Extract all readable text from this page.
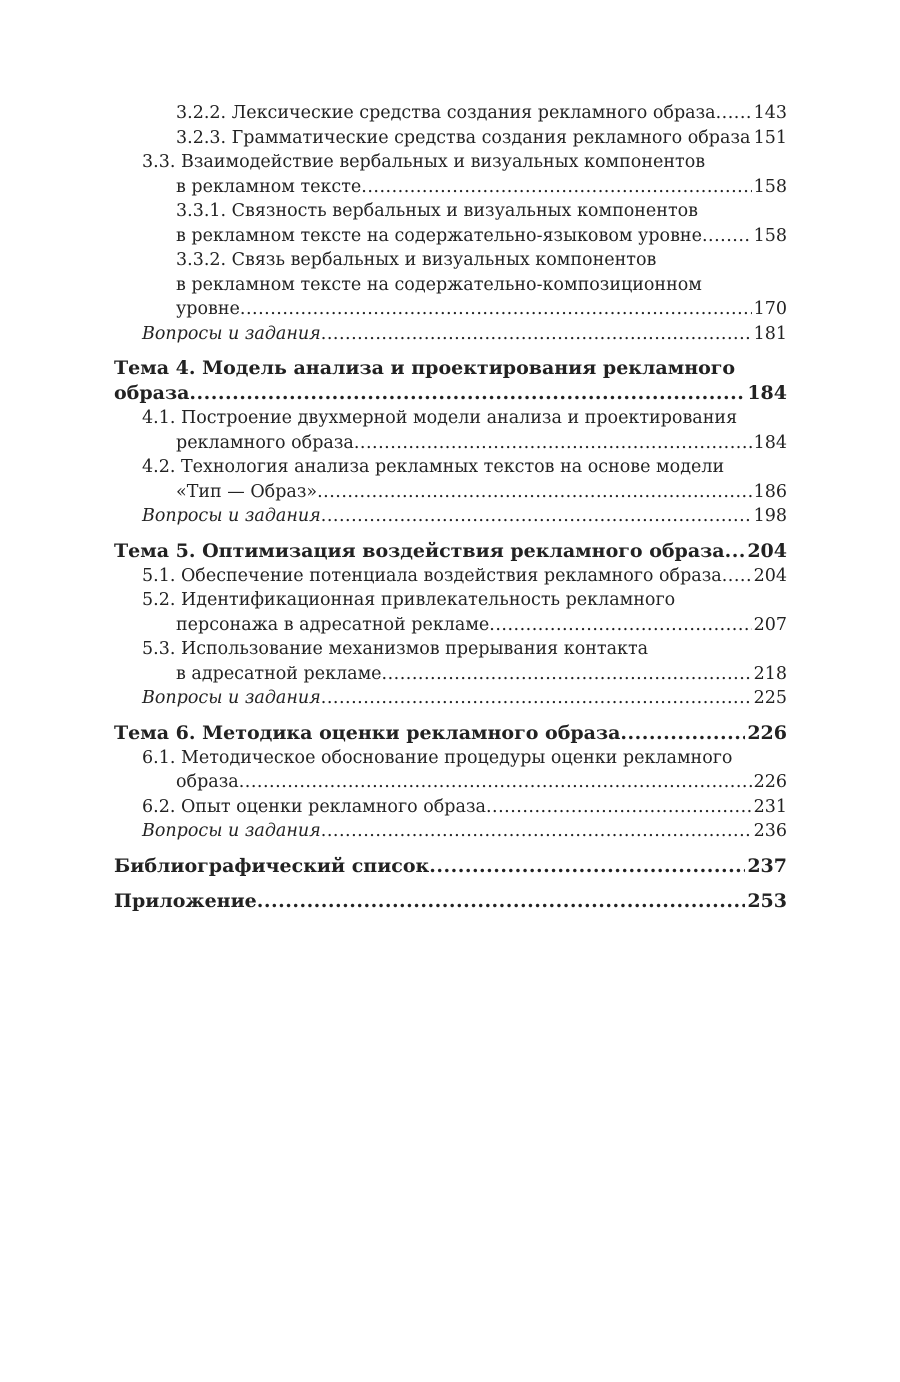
3.2.2. Лексические средства создания рекламного образа ..... 143
3.2.3. Грамматические средства создания рекламного образа ..... 151
3.3. Взаимодействие вербальных и визуальных компонентов
в рекламном тексте .....	158
3.3.1. Связность вербальных и визуальных компонентов
в рекламном тексте на содержательно-языковом уровне .....	158
3.3.2. Связь вербальных и визуальных компонентов
в рекламном тексте на содержательно-композиционном
уровне .....	170
Вопросы и задания .....	181
Тема 4. Модель анализа и проектирования рекламного
образа .....	184
4.1. Построение двухмерной модели анализа и проектирования
рекламного образа .....	184
4.2. Технология анализа рекламных текстов на основе модели
«Тип — Образ» .....	186
Вопросы и задания .....	198
Тема 5. Оптимизация воздействия рекламного образа ..... 204
5.1. Обеспечение потенциала воздействия рекламного образа ..... 204
5.2. Идентификационная привлекательность рекламного
персонажа в адресатной рекламе .....	207
5.3. Использование механизмов прерывания контакта
в адресатной рекламе .....	218
Вопросы и задания .....	225
Тема 6. Методика оценки рекламного образа .....	226
6.1. Методическое обоснование процедуры оценки рекламного
образа .....	226
6.2. Опыт оценки рекламного образа .....	231
Вопросы и задания .....	236
Библиографический список .....	237
Приложение .....	253
